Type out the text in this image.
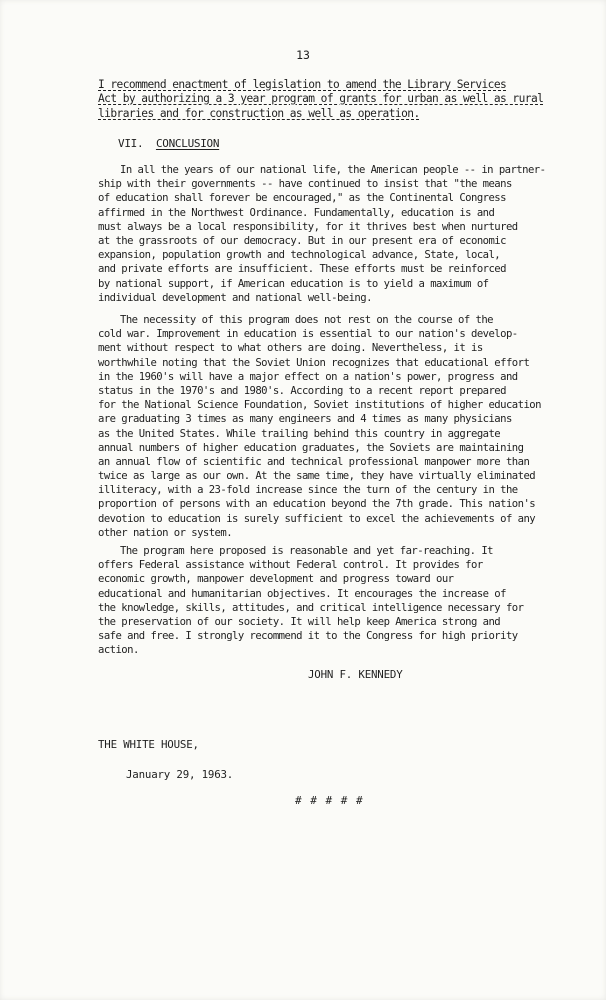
13
I recommend enactment of legislation to amend the Library Services
Act by authorizing a 3 year program of grants for urban as well as rural
libraries and for construction as well as operation.
VII. CONCLUSION
In all the years of our national life, the American people -- in partner-
ship with their governments -- have continued to insist that "the means
of education shall forever be encouraged," as the Continental Congress
affirmed in the Northwest Ordinance. Fundamentally, education is and
must always be a local responsibility, for it thrives best when nurtured
at the grassroots of our democracy. But in our present era of economic
expansion, population growth and technological advance, State, local,
and private efforts are insufficient. These efforts must be reinforced
by national support, if American education is to yield a maximum of
individual development and national well-being.
The necessity of this program does not rest on the course of the
cold war. Improvement in education is essential to our nation's develop-
ment without respect to what others are doing. Nevertheless, it is
worthwhile noting that the Soviet Union recognizes that educational effort
in the 1960's will have a major effect on a nation's power, progress and
status in the 1970's and 1980's. According to a recent report prepared
for the National Science Foundation, Soviet institutions of higher education
are graduating 3 times as many engineers and 4 times as many physicians
as the United States. While trailing behind this country in aggregate
annual numbers of higher education graduates, the Soviets are maintaining
an annual flow of scientific and technical professional manpower more than
twice as large as our own. At the same time, they have virtually eliminated
illiteracy, with a 23-fold increase since the turn of the century in the
proportion of persons with an education beyond the 7th grade. This nation's
devotion to education is surely sufficient to excel the achievements of any
other nation or system.
The program here proposed is reasonable and yet far-reaching. It
offers Federal assistance without Federal control. It provides for
economic growth, manpower development and progress toward our
educational and humanitarian objectives. It encourages the increase of
the knowledge, skills, attitudes, and critical intelligence necessary for
the preservation of our society. It will help keep America strong and
safe and free. I strongly recommend it to the Congress for high priority
action.
JOHN F. KENNEDY
THE WHITE HOUSE,
January 29, 1963.
# # # # #
